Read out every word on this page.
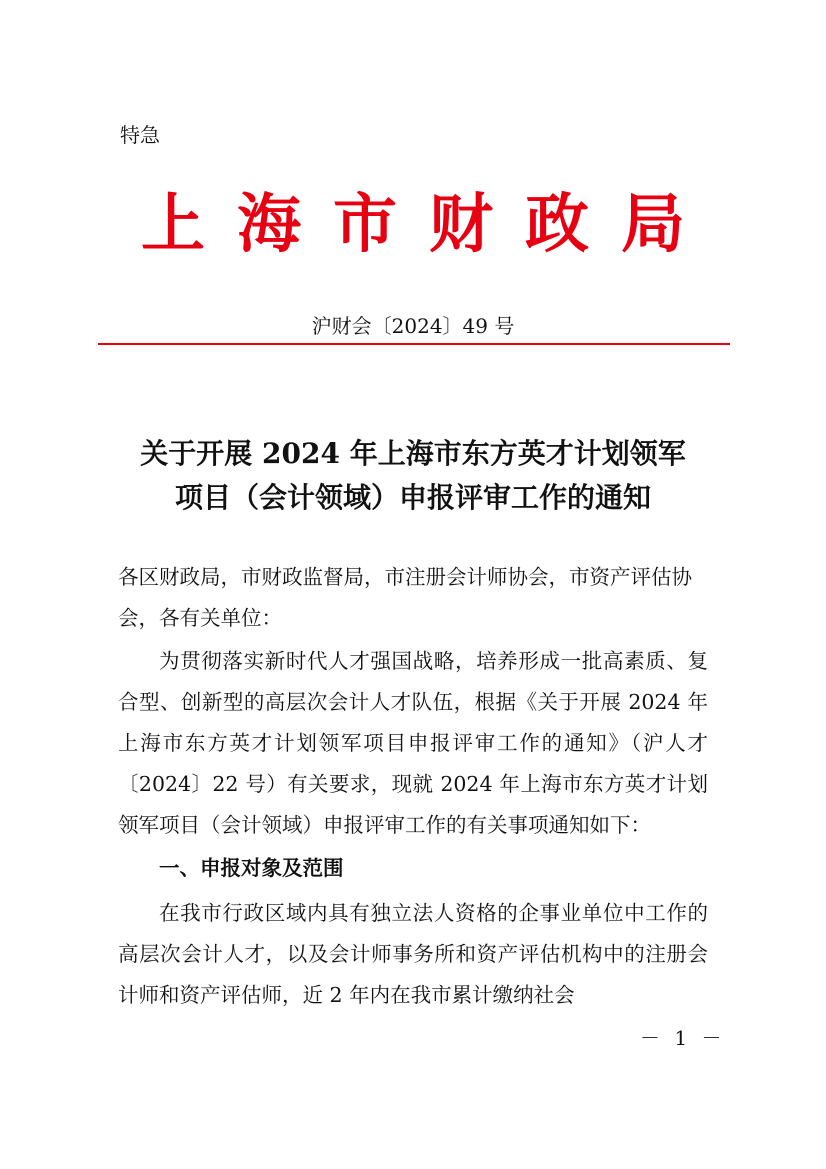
特急
上海市财政局
沪财会〔2024〕49 号
关于开展 2024 年上海市东方英才计划领军
项目（会计领域）申报评审工作的通知
各区财政局，市财政监督局，市注册会计师协会，市资产评估协会，各有关单位：
为贯彻落实新时代人才强国战略，培养形成一批高素质、复合型、创新型的高层次会计人才队伍，根据《关于开展 2024 年上海市东方英才计划领军项目申报评审工作的通知》（沪人才〔2024〕22 号）有关要求，现就 2024 年上海市东方英才计划领军项目（会计领域）申报评审工作的有关事项通知如下：
一、申报对象及范围
在我市行政区域内具有独立法人资格的企事业单位中工作的高层次会计人才，以及会计师事务所和资产评估机构中的注册会计师和资产评估师，近 2 年内在我市累计缴纳社会
－ 1 －
